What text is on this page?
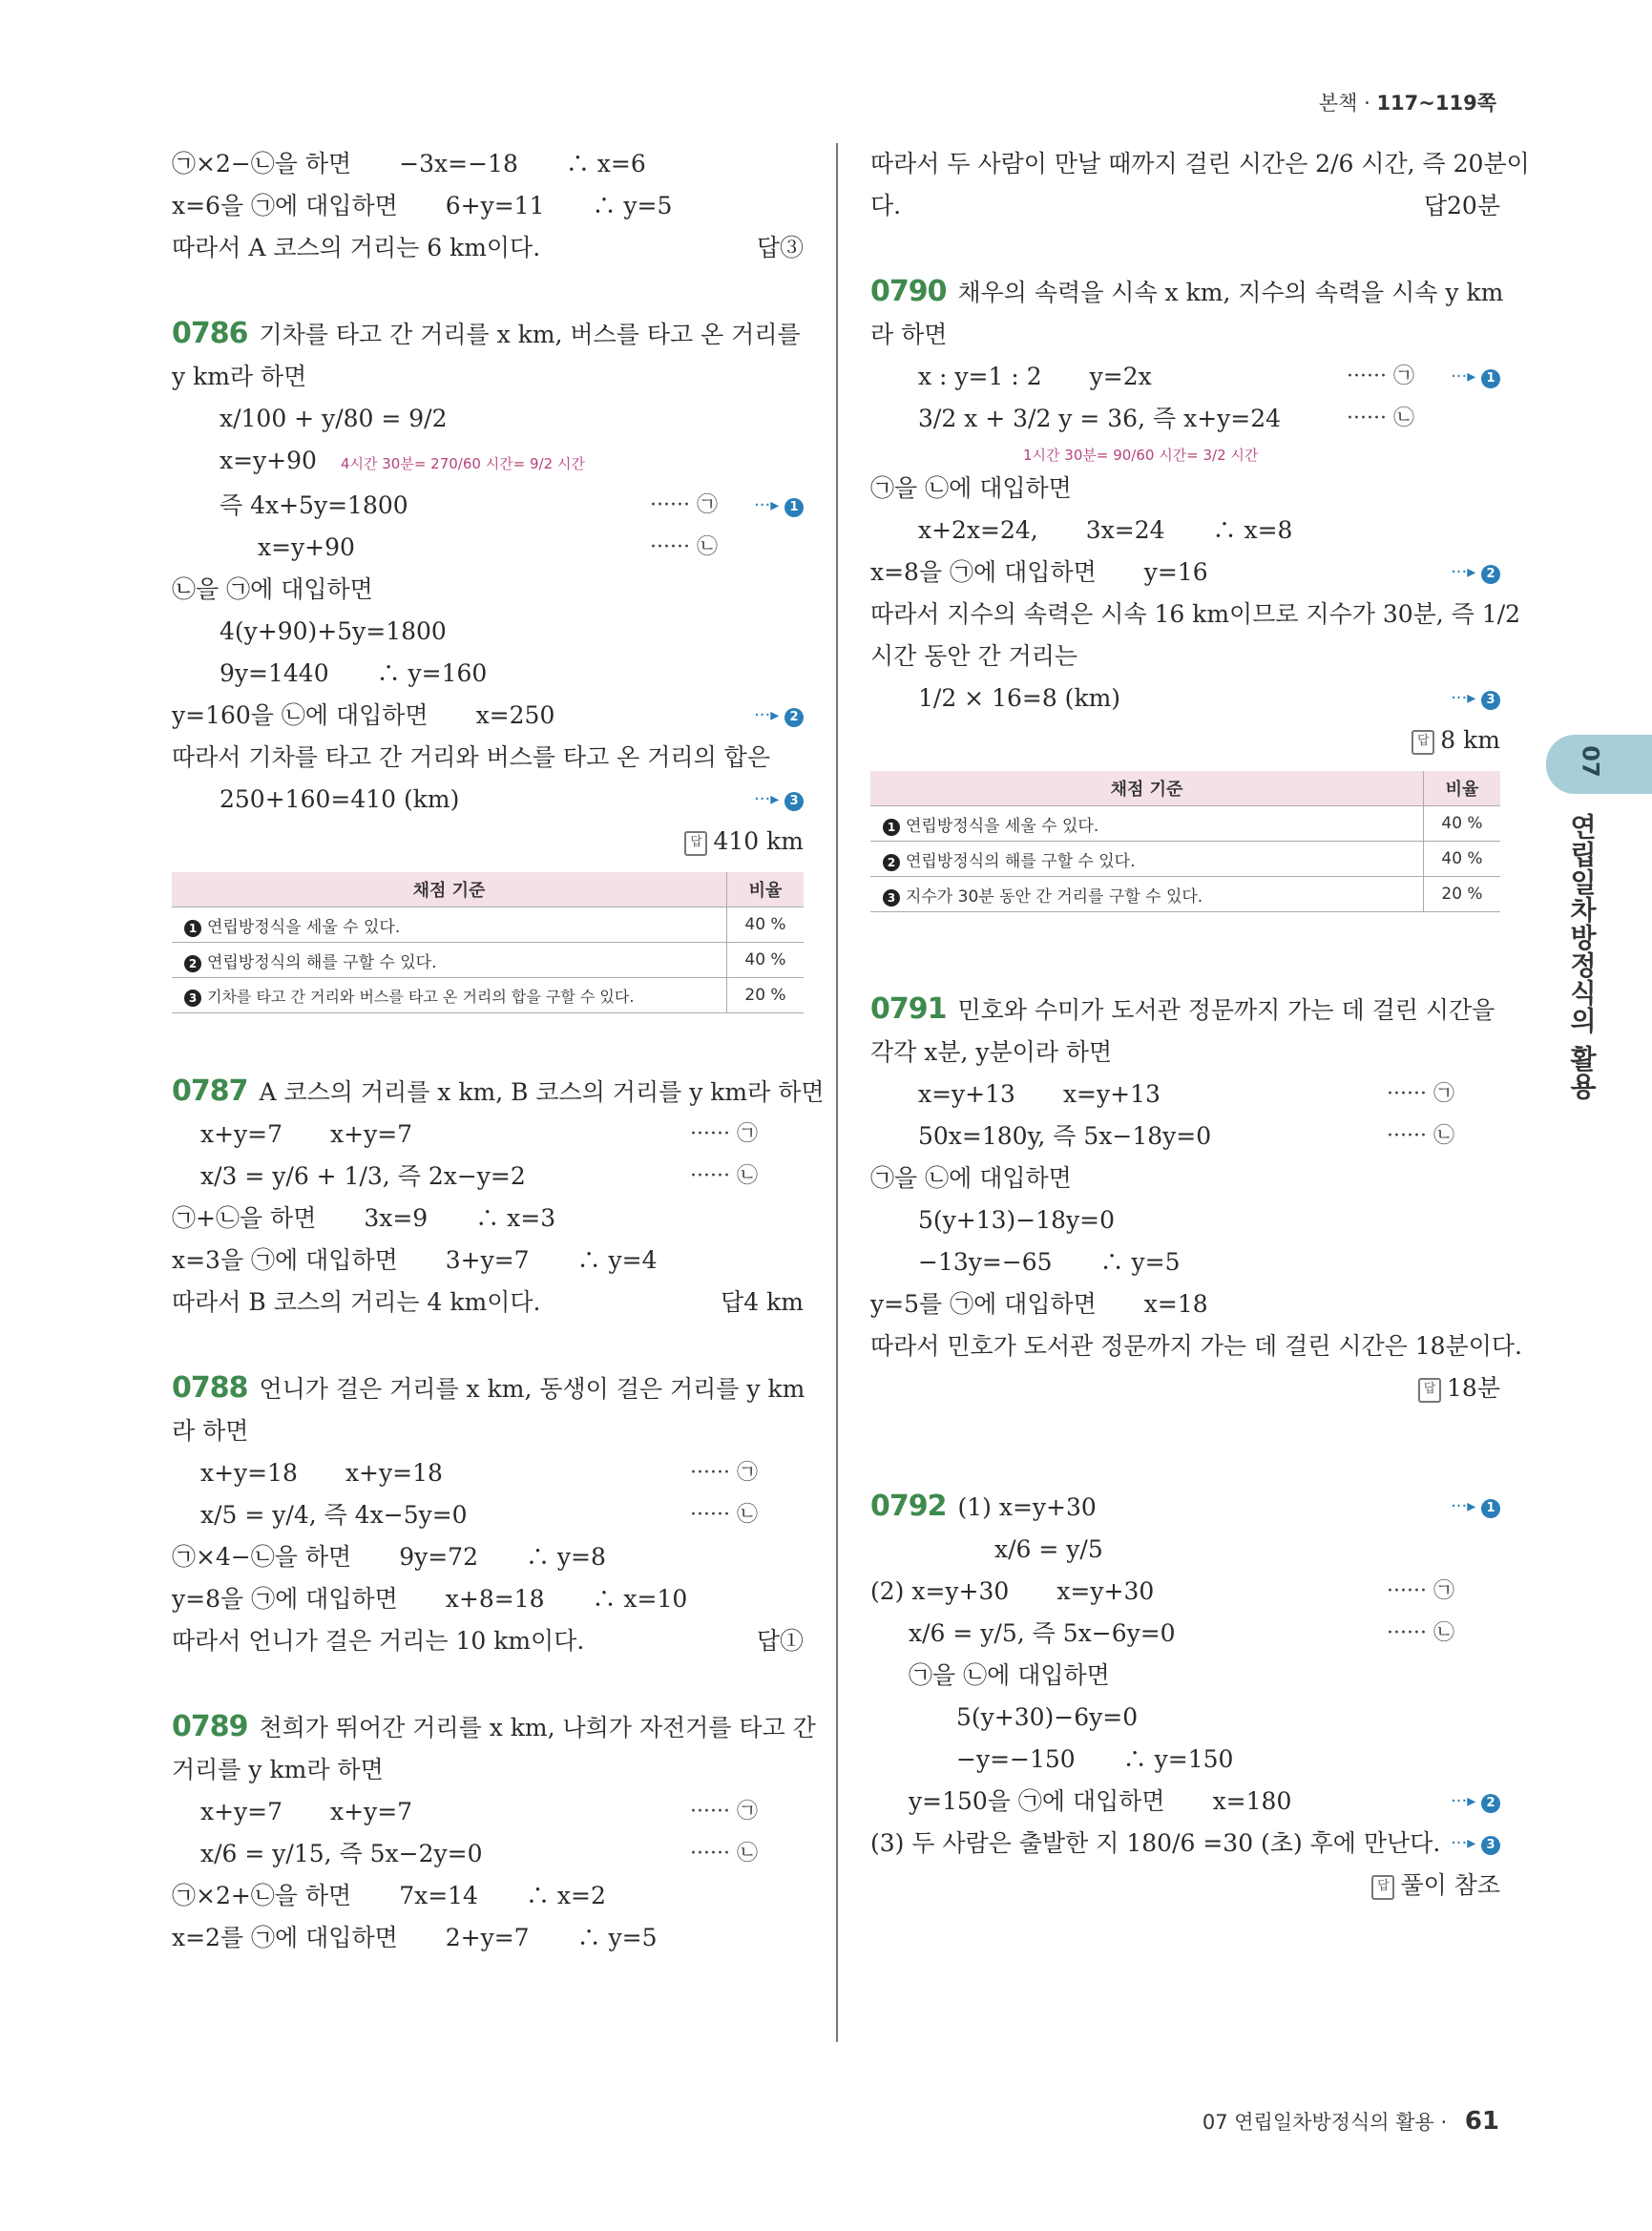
본책 · 117~119쪽
㉠×2−㉡을 하면　　−3x=−18　　∴ x=6
x=6을 ㉠에 대입하면　　6+y=11　　∴ y=5
따라서 A 코스의 거리는 6 km이다.	답③
0786 기차를 타고 간 거리를 x km, 버스를 타고 온 거리를
y km라 하면
x/100 + y/80 = 9/2
x=y+90　 4시간 30분= 270/60 시간= 9/2 시간
즉 4x+5y=1800	······ ㉠ ···▸ 1
x=y+90	······ ㉡
㉡을 ㉠에 대입하면
4(y+90)+5y=1800
9y=1440　　∴ y=160
y=160을 ㉡에 대입하면　　x=250	···▸ 2
따라서 기차를 타고 간 거리와 버스를 타고 온 거리의 합은
250+160=410 (km)	···▸ 3
답 410 km
채점 기준	비율
1 연립방정식을 세울 수 있다.	40 %
2 연립방정식의 해를 구할 수 있다.	40 %
3 기차를 타고 간 거리와 버스를 타고 온 거리의 합을 구할 수 있다.	20 %
0787 A 코스의 거리를 x km, B 코스의 거리를 y km라 하면
x+y=7　　 x+y=7	······ ㉠
x/3 = y/6 + 1/3, 즉 2x−y=2	······ ㉡
㉠+㉡을 하면　　3x=9　　∴ x=3
x=3을 ㉠에 대입하면　　3+y=7　　∴ y=4
따라서 B 코스의 거리는 4 km이다.	답4 km
0788 언니가 걸은 거리를 x km, 동생이 걸은 거리를 y km
라 하면
x+y=18　　 x+y=18	······ ㉠
x/5 = y/4, 즉 4x−5y=0	······ ㉡
㉠×4−㉡을 하면　　9y=72　　∴ y=8
y=8을 ㉠에 대입하면　　x+8=18　　∴ x=10
따라서 언니가 걸은 거리는 10 km이다.	답①
0789 천희가 뛰어간 거리를 x km, 나희가 자전거를 타고 간
거리를 y km라 하면
x+y=7　　 x+y=7	······ ㉠
x/6 = y/15, 즉 5x−2y=0	······ ㉡
㉠×2+㉡을 하면　　7x=14　　∴ x=2
x=2를 ㉠에 대입하면　　2+y=7　　∴ y=5
따라서 두 사람이 만날 때까지 걸린 시간은 2/6 시간, 즉 20분이
다.	답20분
0790 채우의 속력을 시속 x km, 지수의 속력을 시속 y km
라 하면
x : y=1 : 2　　 y=2x	······ ㉠ ···▸ 1
3/2 x + 3/2 y = 36, 즉 x+y=24	······ ㉡
1시간 30분= 90/60 시간= 3/2 시간
㉠을 ㉡에 대입하면
x+2x=24,　　3x=24　　∴ x=8
x=8을 ㉠에 대입하면　　y=16	···▸ 2
따라서 지수의 속력은 시속 16 km이므로 지수가 30분, 즉 1/2
시간 동안 간 거리는
1/2 × 16=8 (km)	···▸ 3
답 8 km
채점 기준	비율
1 연립방정식을 세울 수 있다.	40 %
2 연립방정식의 해를 구할 수 있다.	40 %
3 지수가 30분 동안 간 거리를 구할 수 있다.	20 %
0791 민호와 수미가 도서관 정문까지 가는 데 걸린 시간을
각각 x분, y분이라 하면
x=y+13　　 x=y+13	······ ㉠
50x=180y, 즉 5x−18y=0	······ ㉡
㉠을 ㉡에 대입하면
5(y+13)−18y=0
−13y=−65　　∴ y=5
y=5를 ㉠에 대입하면　　x=18
따라서 민호가 도서관 정문까지 가는 데 걸린 시간은 18분이다.
답 18분
0792 (1) x=y+30	···▸ 1
x/6 = y/5
(2) x=y+30　　 x=y+30	······ ㉠
x/6 = y/5, 즉 5x−6y=0	······ ㉡
㉠을 ㉡에 대입하면
5(y+30)−6y=0
−y=−150　　∴ y=150
y=150을 ㉠에 대입하면　　x=180	···▸ 2
(3) 두 사람은 출발한 지 180/6 =30 (초) 후에 만난다. ···▸ 3
답 풀이 참조
07
연립일차방정식의 활용
07 연립일차방정식의 활용 · 61
